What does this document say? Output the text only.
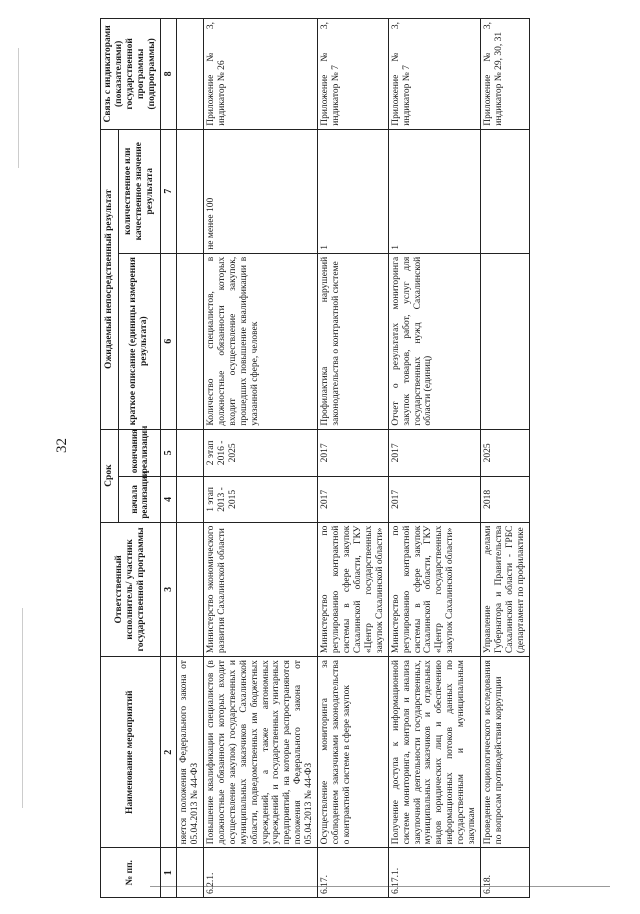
32
№ пп.	Наименование мероприятий	Ответственный исполнитель/ участник государственной программы	Срок		Ожидаемый непосредственный результат		Связь с индикаторами (показателями) государственной программы (подпрограммы)
			начала реализации	окончания реализации	краткое описание (единицы измерения результата)	количественное или качественное значение результата	
1	2	3	4	5	6	7	8
	няется положения Федерального закона от 05.04.2013 № 44-ФЗ						
6.2.1.	Повышение квалификации специалистов (в должностные обязанности которых входит осуществление закупок) государственных и муниципальных заказчиков Сахалинской области, подведомственных им бюджетных учреждений, а также автономных учреждений и государственных унитарных предприятий, на которые распространяются положения Федерального закона от 05.04.2013 № 44-ФЗ	Министерство экономического развития Сахалинской области	1 этап 2013 - 2015	2 этап 2016 - 2025	Количество специалистов, в должностные обязанности которых входит осуществление закупок, прошедших повышение квалификации в указанной сфере, человек	не менее 100	Приложение № 3, индикатор № 26
6.17.	Осуществление мониторинга за соблюдением заказчиками законодательства о контрактной системе в сфере закупок	Министерство по регулированию контрактной системы в сфере закупок Сахалинской области, ГКУ «Центр государственных закупок Сахалинской области»	2017	2017	Профилактика нарушений законодательства о контрактной системе	1	Приложение № 3, индикатор № 7
6.17.1.	Получение доступа к информационной системе мониторинга, контроля и анализа закупочной деятельности государственных, муниципальных заказчиков и отдельных видов юридических лиц и обеспечению информационных потоков данных по государственным и муниципальным закупкам	Министерство по регулированию контрактной системы в сфере закупок Сахалинской области, ГКУ «Центр государственных закупок Сахалинской области»	2017	2017	Отчет о результатах мониторинга закупок товаров, работ, услуг для государственных нужд Сахалинской области (единиц)	1	Приложение № 3, индикатор № 7
6.18.	Проведение социологического исследования по вопросам противодействия коррупции	Управление делами Губернатора и Правительства Сахалинской области - ГРБС (департамент по профилактике	2018	2025			Приложение № 3, индикатор № 29, 30, 31
